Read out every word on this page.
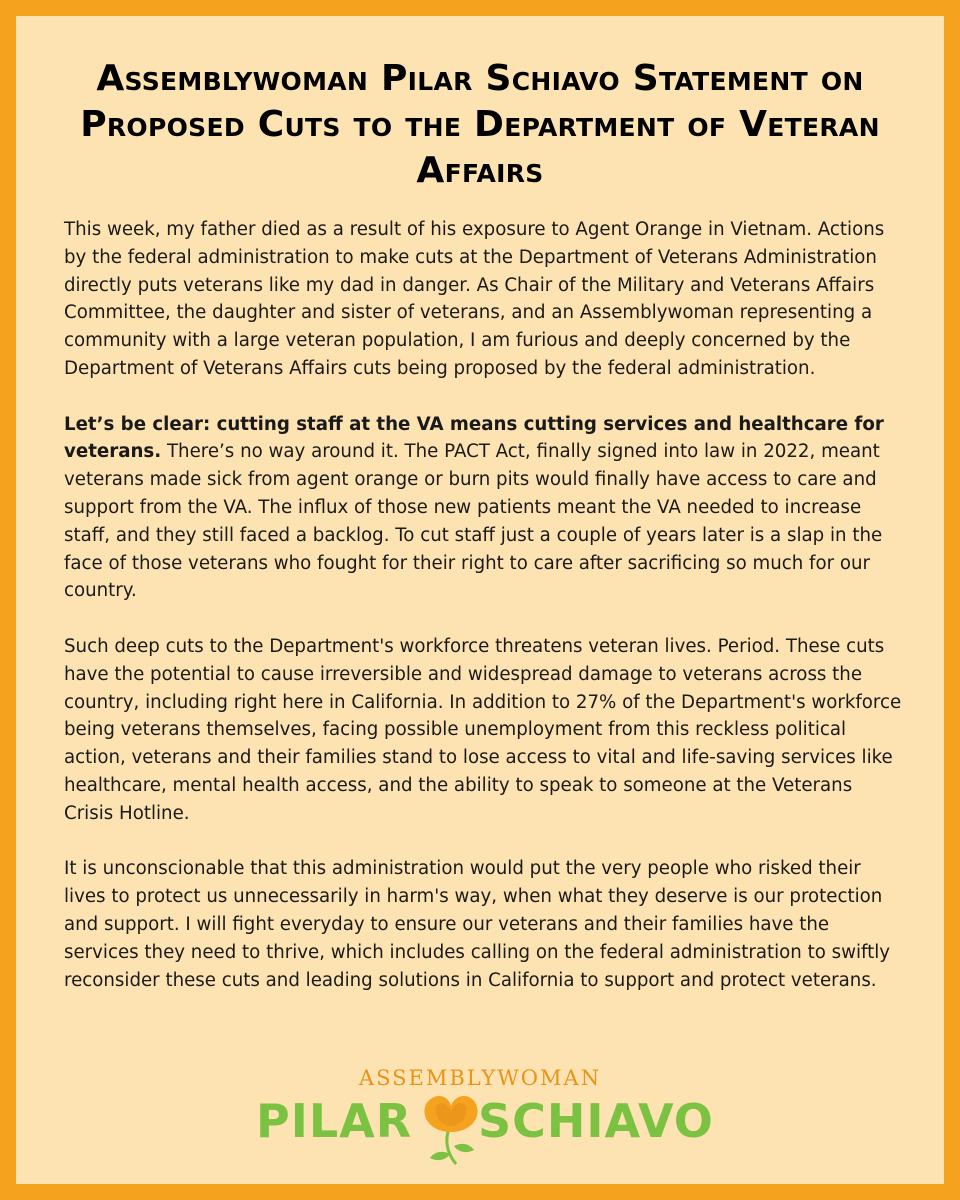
Assemblywoman Pilar Schiavo Statement on Proposed Cuts to the Department of Veteran Affairs

This week, my father died as a result of his exposure to Agent Orange in Vietnam. Actions by the federal administration to make cuts at the Department of Veterans Administration directly puts veterans like my dad in danger. As Chair of the Military and Veterans Affairs Committee, the daughter and sister of veterans, and an Assemblywoman representing a community with a large veteran population, I am furious and deeply concerned by the Department of Veterans Affairs cuts being proposed by the federal administration.

Let’s be clear: cutting staff at the VA means cutting services and healthcare for veterans. There’s no way around it. The PACT Act, finally signed into law in 2022, meant veterans made sick from agent orange or burn pits would finally have access to care and support from the VA. The influx of those new patients meant the VA needed to increase staff, and they still faced a backlog. To cut staff just a couple of years later is a slap in the face of those veterans who fought for their right to care after sacrificing so much for our country.

Such deep cuts to the Department's workforce threatens veteran lives. Period. These cuts have the potential to cause irreversible and widespread damage to veterans across the country, including right here in California. In addition to 27% of the Department's workforce being veterans themselves, facing possible unemployment from this reckless political action, veterans and their families stand to lose access to vital and life-saving services like healthcare, mental health access, and the ability to speak to someone at the Veterans Crisis Hotline.

It is unconscionable that this administration would put the very people who risked their lives to protect us unnecessarily in harm's way, when what they deserve is our protection and support. I will fight everyday to ensure our veterans and their families have the services they need to thrive, which includes calling on the federal administration to swiftly reconsider these cuts and leading solutions in California to support and protect veterans.

ASSEMBLYWOMAN
PILAR SCHIAVO
